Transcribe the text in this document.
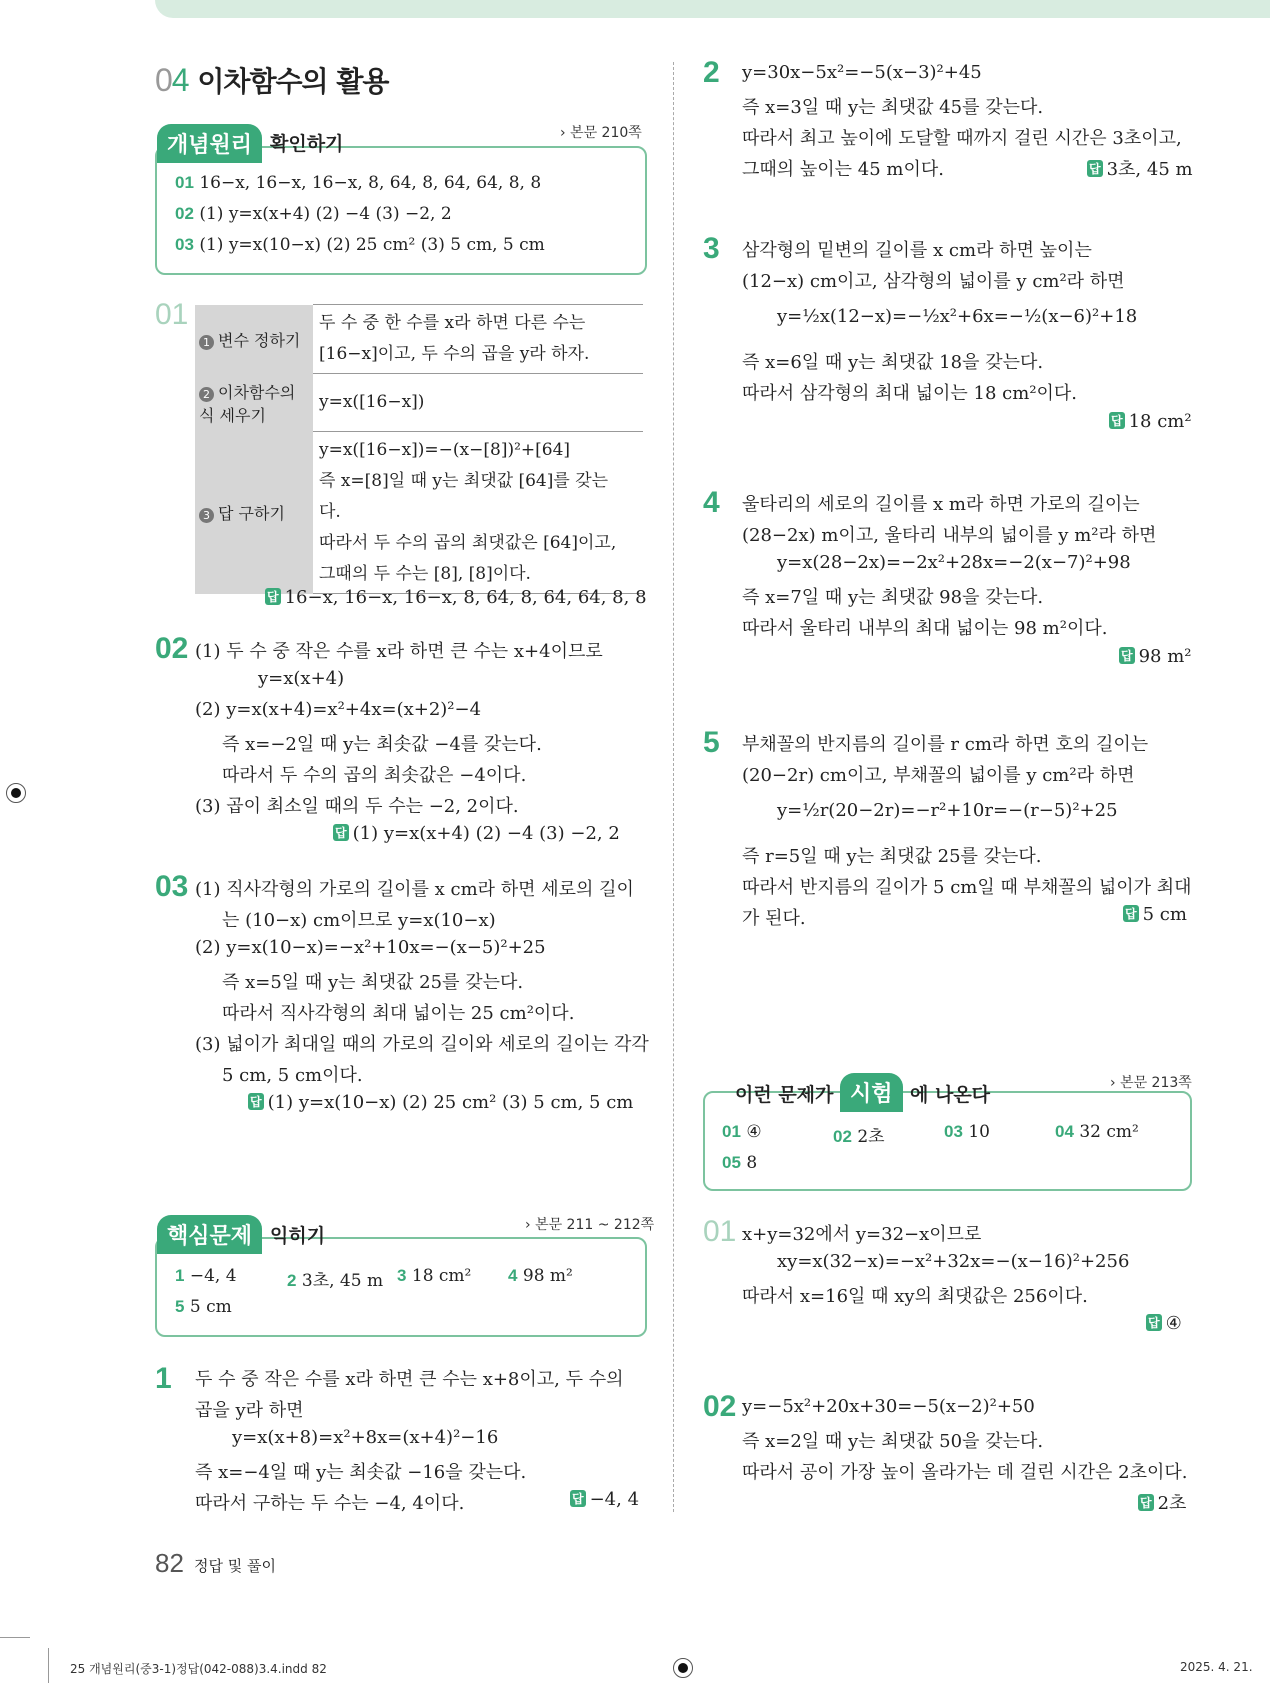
04 이차함수의 활용
개념원리 확인하기	› 본문 210쪽
01 16−x, 16−x, 16−x, 8, 64, 8, 64, 64, 8, 8
02 (1) y=x(x+4) (2) −4 (3) −2, 2
03 (1) y=x(10−x) (2) 25 cm² (3) 5 cm, 5 cm
01
1 변수 정하기	두 수 중 한 수를 x라 하면 다른 수는
[16−x]이고, 두 수의 곱을 y라 하자.

2 이차함수의 식 세우기	y=x([16−x])

3 답 구하기	y=x([16−x])=−(x−[8])²+[64]
즉 x=[8]일 때 y는 최댓값 [64]를 갖는
다.
따라서 두 수의 곱의 최댓값은 [64]이고,
그때의 두 수는 [8], [8]이다.
답 16−x, 16−x, 16−x, 8, 64, 8, 64, 64, 8, 8
02 (1) 두 수 중 작은 수를 x라 하면 큰 수는 x+4이므로
y=x(x+4)
(2) y=x(x+4)=x²+4x=(x+2)²−4
즉 x=−2일 때 y는 최솟값 −4를 갖는다.
따라서 두 수의 곱의 최솟값은 −4이다.
(3) 곱이 최소일 때의 두 수는 −2, 2이다.
답 (1) y=x(x+4) (2) −4 (3) −2, 2
03 (1) 직사각형의 가로의 길이를 x cm라 하면 세로의 길이
는 (10−x) cm이므로 y=x(10−x)
(2) y=x(10−x)=−x²+10x=−(x−5)²+25
즉 x=5일 때 y는 최댓값 25를 갖는다.
따라서 직사각형의 최대 넓이는 25 cm²이다.
(3) 넓이가 최대일 때의 가로의 길이와 세로의 길이는 각각
5 cm, 5 cm이다.
답 (1) y=x(10−x) (2) 25 cm² (3) 5 cm, 5 cm
핵심문제 익히기	› 본문 211 ~ 212쪽
1 −4, 4	2 3초, 45 m 3 18 cm² 4 98 m²
5 5 cm
1 두 수 중 작은 수를 x라 하면 큰 수는 x+8이고, 두 수의
곱을 y라 하면
y=x(x+8)=x²+8x=(x+4)²−16
즉 x=−4일 때 y는 최솟값 −16을 갖는다.
따라서 구하는 두 수는 −4, 4이다.	답 −4, 4
2 y=30x−5x²=−5(x−3)²+45
즉 x=3일 때 y는 최댓값 45를 갖는다.
따라서 최고 높이에 도달할 때까지 걸린 시간은 3초이고,
그때의 높이는 45 m이다.	답 3초, 45 m
3 삼각형의 밑변의 길이를 x cm라 하면 높이는
(12−x) cm이고, 삼각형의 넓이를 y cm²라 하면
y=½x(12−x)=−½x²+6x=−½(x−6)²+18
즉 x=6일 때 y는 최댓값 18을 갖는다.
따라서 삼각형의 최대 넓이는 18 cm²이다.
답 18 cm²
4 울타리의 세로의 길이를 x m라 하면 가로의 길이는
(28−2x) m이고, 울타리 내부의 넓이를 y m²라 하면
y=x(28−2x)=−2x²+28x=−2(x−7)²+98
즉 x=7일 때 y는 최댓값 98을 갖는다.
따라서 울타리 내부의 최대 넓이는 98 m²이다.
답 98 m²
5 부채꼴의 반지름의 길이를 r cm라 하면 호의 길이는
(20−2r) cm이고, 부채꼴의 넓이를 y cm²라 하면
y=½r(20−2r)=−r²+10r=−(r−5)²+25
즉 r=5일 때 y는 최댓값 25를 갖는다.
따라서 반지름의 길이가 5 cm일 때 부채꼴의 넓이가 최대
가 된다.	답 5 cm
이런 문제가 시험 에 나온다
› 본문 213쪽
01 ④	02 2초	03 10	04 32 cm²
05 8
01 x+y=32에서 y=32−x이므로
xy=x(32−x)=−x²+32x=−(x−16)²+256
따라서 x=16일 때 xy의 최댓값은 256이다.
답 ④
02 y=−5x²+20x+30=−5(x−2)²+50
즉 x=2일 때 y는 최댓값 50을 갖는다.
따라서 공이 가장 높이 올라가는 데 걸린 시간은 2초이다.
답 2초
82 정답 및 풀이
25 개념원리(중3-1)정답(042-088)3.4.indd 82	2025. 4. 21.
